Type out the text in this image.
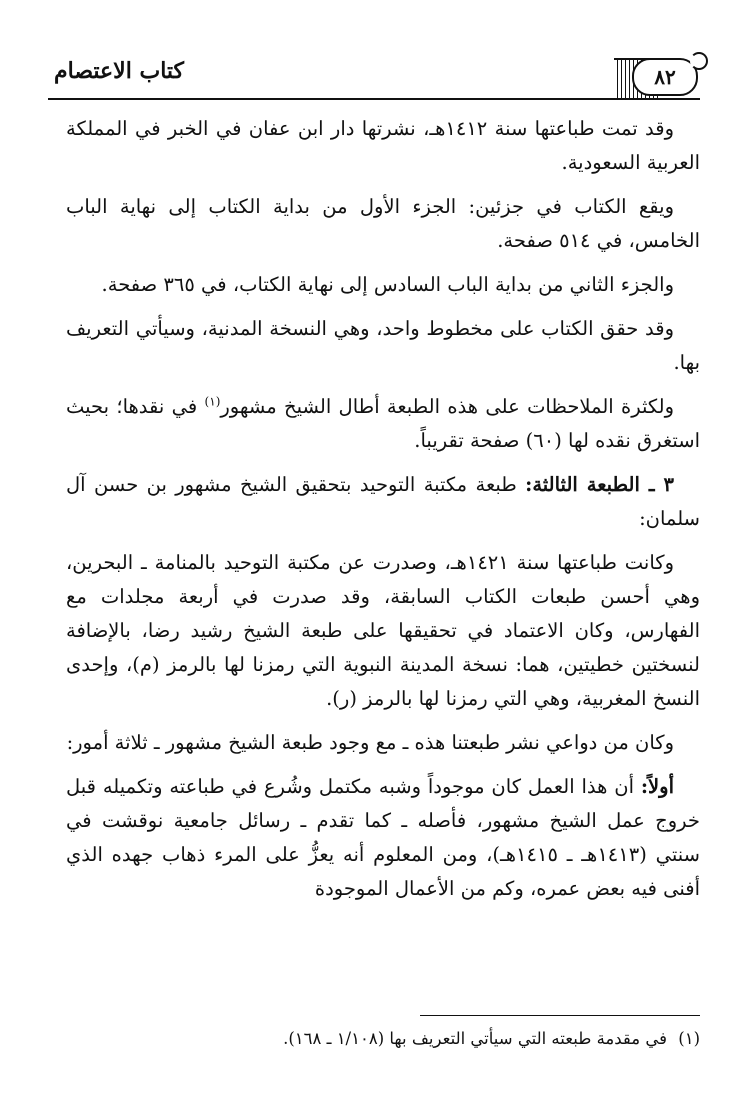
كتاب الاعتصام	٨٢

وقد تمت طباعتها سنة ١٤١٢هـ، نشرتها دار ابن عفان في الخبر في المملكة العربية السعودية.

ويقع الكتاب في جزئين: الجزء الأول من بداية الكتاب إلى نهاية الباب الخامس، في ٥١٤ صفحة.

والجزء الثاني من بداية الباب السادس إلى نهاية الكتاب، في ٣٦٥ صفحة.

وقد حقق الكتاب على مخطوط واحد، وهي النسخة المدنية، وسيأتي التعريف بها.

ولكثرة الملاحظات على هذه الطبعة أطال الشيخ مشهور$^{(١)}$ في نقدها؛ بحيث استغرق نقده لها (٦٠) صفحة تقريباً.

٣ ـ الطبعة الثالثة: طبعة مكتبة التوحيد بتحقيق الشيخ مشهور بن حسن آل سلمان:

وكانت طباعتها سنة ١٤٢١هـ، وصدرت عن مكتبة التوحيد بالمنامة ـ البحرين، وهي أحسن طبعات الكتاب السابقة، وقد صدرت في أربعة مجلدات مع الفهارس، وكان الاعتماد في تحقيقها على طبعة الشيخ رشيد رضا، بالإضافة لنسختين خطيتين، هما: نسخة المدينة النبوية التي رمزنا لها بالرمز (م)، وإحدى النسخ المغربية، وهي التي رمزنا لها بالرمز (ر).

وكان من دواعي نشر طبعتنا هذه ـ مع وجود طبعة الشيخ مشهور ـ ثلاثة أمور:

أولاً: أن هذا العمل كان موجوداً وشبه مكتمل وشُرع في طباعته وتكميله قبل خروج عمل الشيخ مشهور، فأصله ـ كما تقدم ـ رسائل جامعية نوقشت في سنتي (١٤١٣هـ ـ ١٤١٥هـ)، ومن المعلوم أنه يعزُّ على المرء ذهاب جهده الذي أفنى فيه بعض عمره، وكم من الأعمال الموجودة

(١) في مقدمة طبعته التي سيأتي التعريف بها (١/١٠٨ ـ ١٦٨).
